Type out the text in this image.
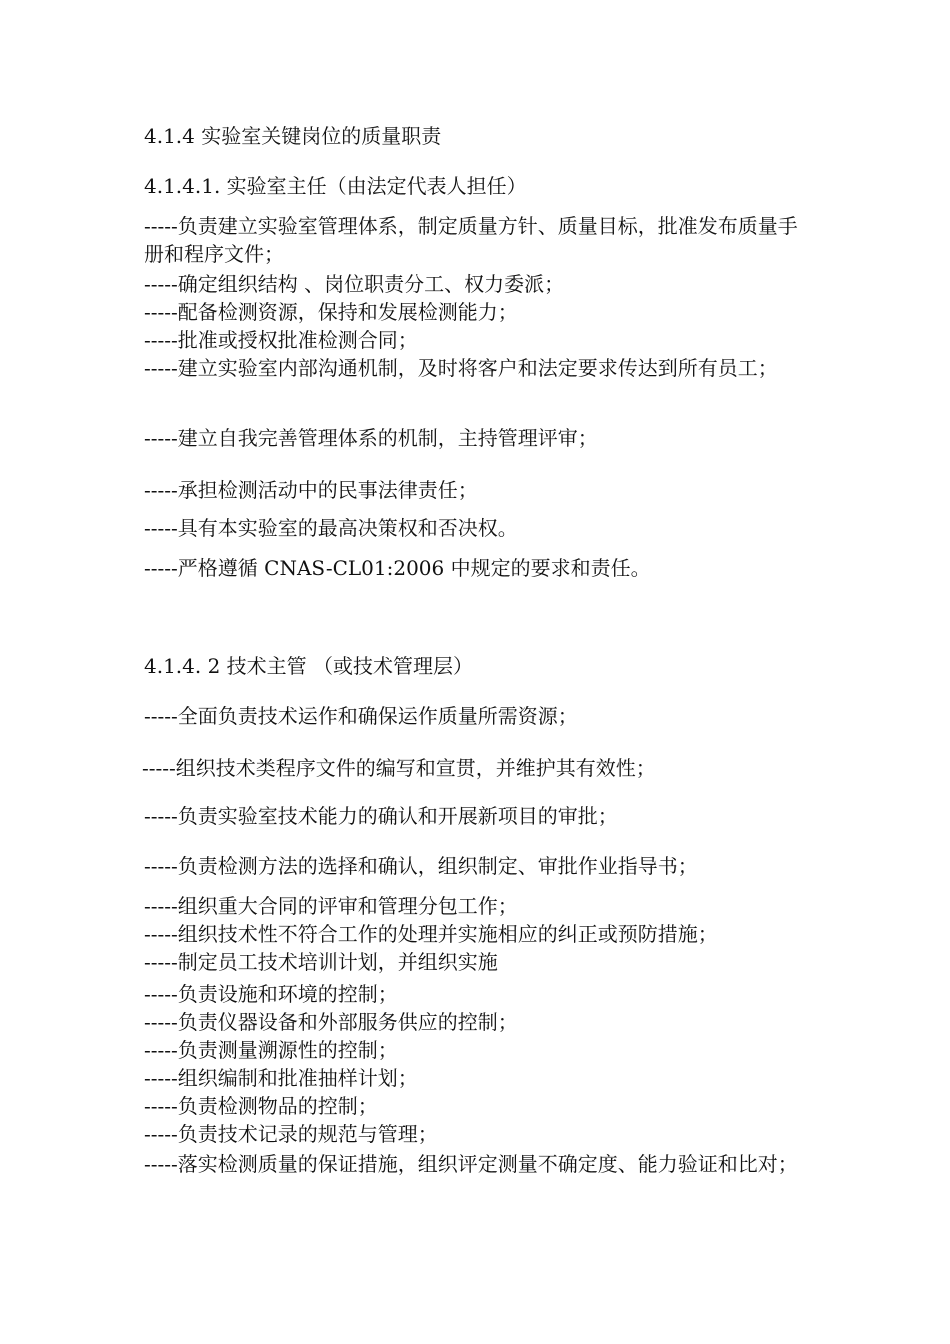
4.1.4 实验室关键岗位的质量职责

4.1.4.1. 实验室主任（由法定代表人担任）

-----负责建立实验室管理体系，制定质量方针、质量目标，批准发布质量手册和程序文件；

-----确定组织结构 、岗位职责分工、权力委派；

-----配备检测资源，保持和发展检测能力；

-----批准或授权批准检测合同；

-----建立实验室内部沟通机制，及时将客户和法定要求传达到所有员工；

-----建立自我完善管理体系的机制，主持管理评审；

-----承担检测活动中的民事法律责任；

-----具有本实验室的最高决策权和否决权。

-----严格遵循 CNAS-CL01:2006 中规定的要求和责任。

4.1.4. 2 技术主管 （或技术管理层）

-----全面负责技术运作和确保运作质量所需资源；

-----组织技术类程序文件的编写和宣贯，并维护其有效性；

-----负责实验室技术能力的确认和开展新项目的审批；

-----负责检测方法的选择和确认，组织制定、审批作业指导书；

-----组织重大合同的评审和管理分包工作；

-----组织技术性不符合工作的处理并实施相应的纠正或预防措施；

-----制定员工技术培训计划，并组织实施

-----负责设施和环境的控制；

-----负责仪器设备和外部服务供应的控制；

-----负责测量溯源性的控制；

-----组织编制和批准抽样计划；

-----负责检测物品的控制；

-----负责技术记录的规范与管理；

-----落实检测质量的保证措施，组织评定测量不确定度、能力验证和比对；
